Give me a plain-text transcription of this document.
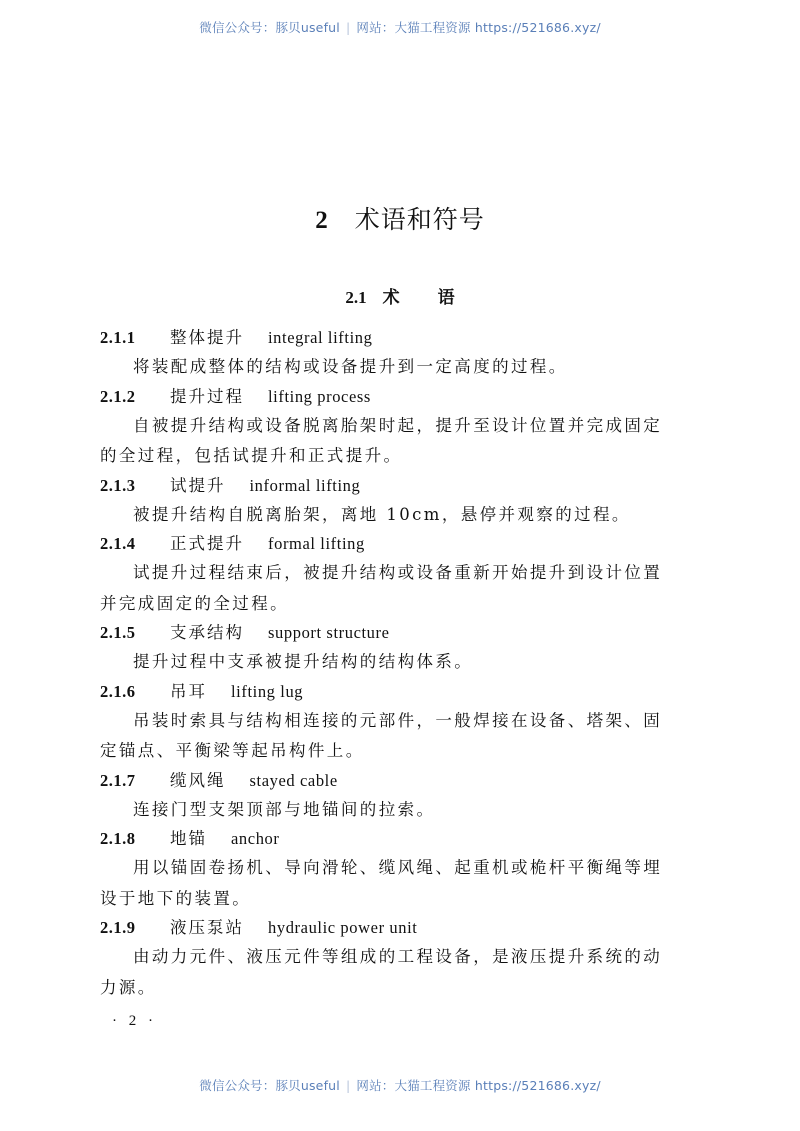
微信公众号：豚贝useful | 网站：大猫工程资源 https://521686.xyz/
2 术语和符号
2.1 术 语
2.1.1 整体提升 integral lifting

将装配成整体的结构或设备提升到一定高度的过程。

2.1.2 提升过程 lifting process

自被提升结构或设备脱离胎架时起，提升至设计位置并完成固定的全过程，包括试提升和正式提升。

2.1.3 试提升 informal lifting

被提升结构自脱离胎架，离地 10cm，悬停并观察的过程。

2.1.4 正式提升 formal lifting

试提升过程结束后，被提升结构或设备重新开始提升到设计位置并完成固定的全过程。

2.1.5 支承结构 support structure

提升过程中支承被提升结构的结构体系。

2.1.6 吊耳 lifting lug

吊装时索具与结构相连接的元部件，一般焊接在设备、塔架、固定锚点、平衡梁等起吊构件上。

2.1.7 缆风绳 stayed cable

连接门型支架顶部与地锚间的拉索。

2.1.8 地锚 anchor

用以锚固卷扬机、导向滑轮、缆风绳、起重机或桅杆平衡绳等埋设于地下的装置。

2.1.9 液压泵站 hydraulic power unit

由动力元件、液压元件等组成的工程设备，是液压提升系统的动力源。

· 2 ·
微信公众号：豚贝useful | 网站：大猫工程资源 https://521686.xyz/
